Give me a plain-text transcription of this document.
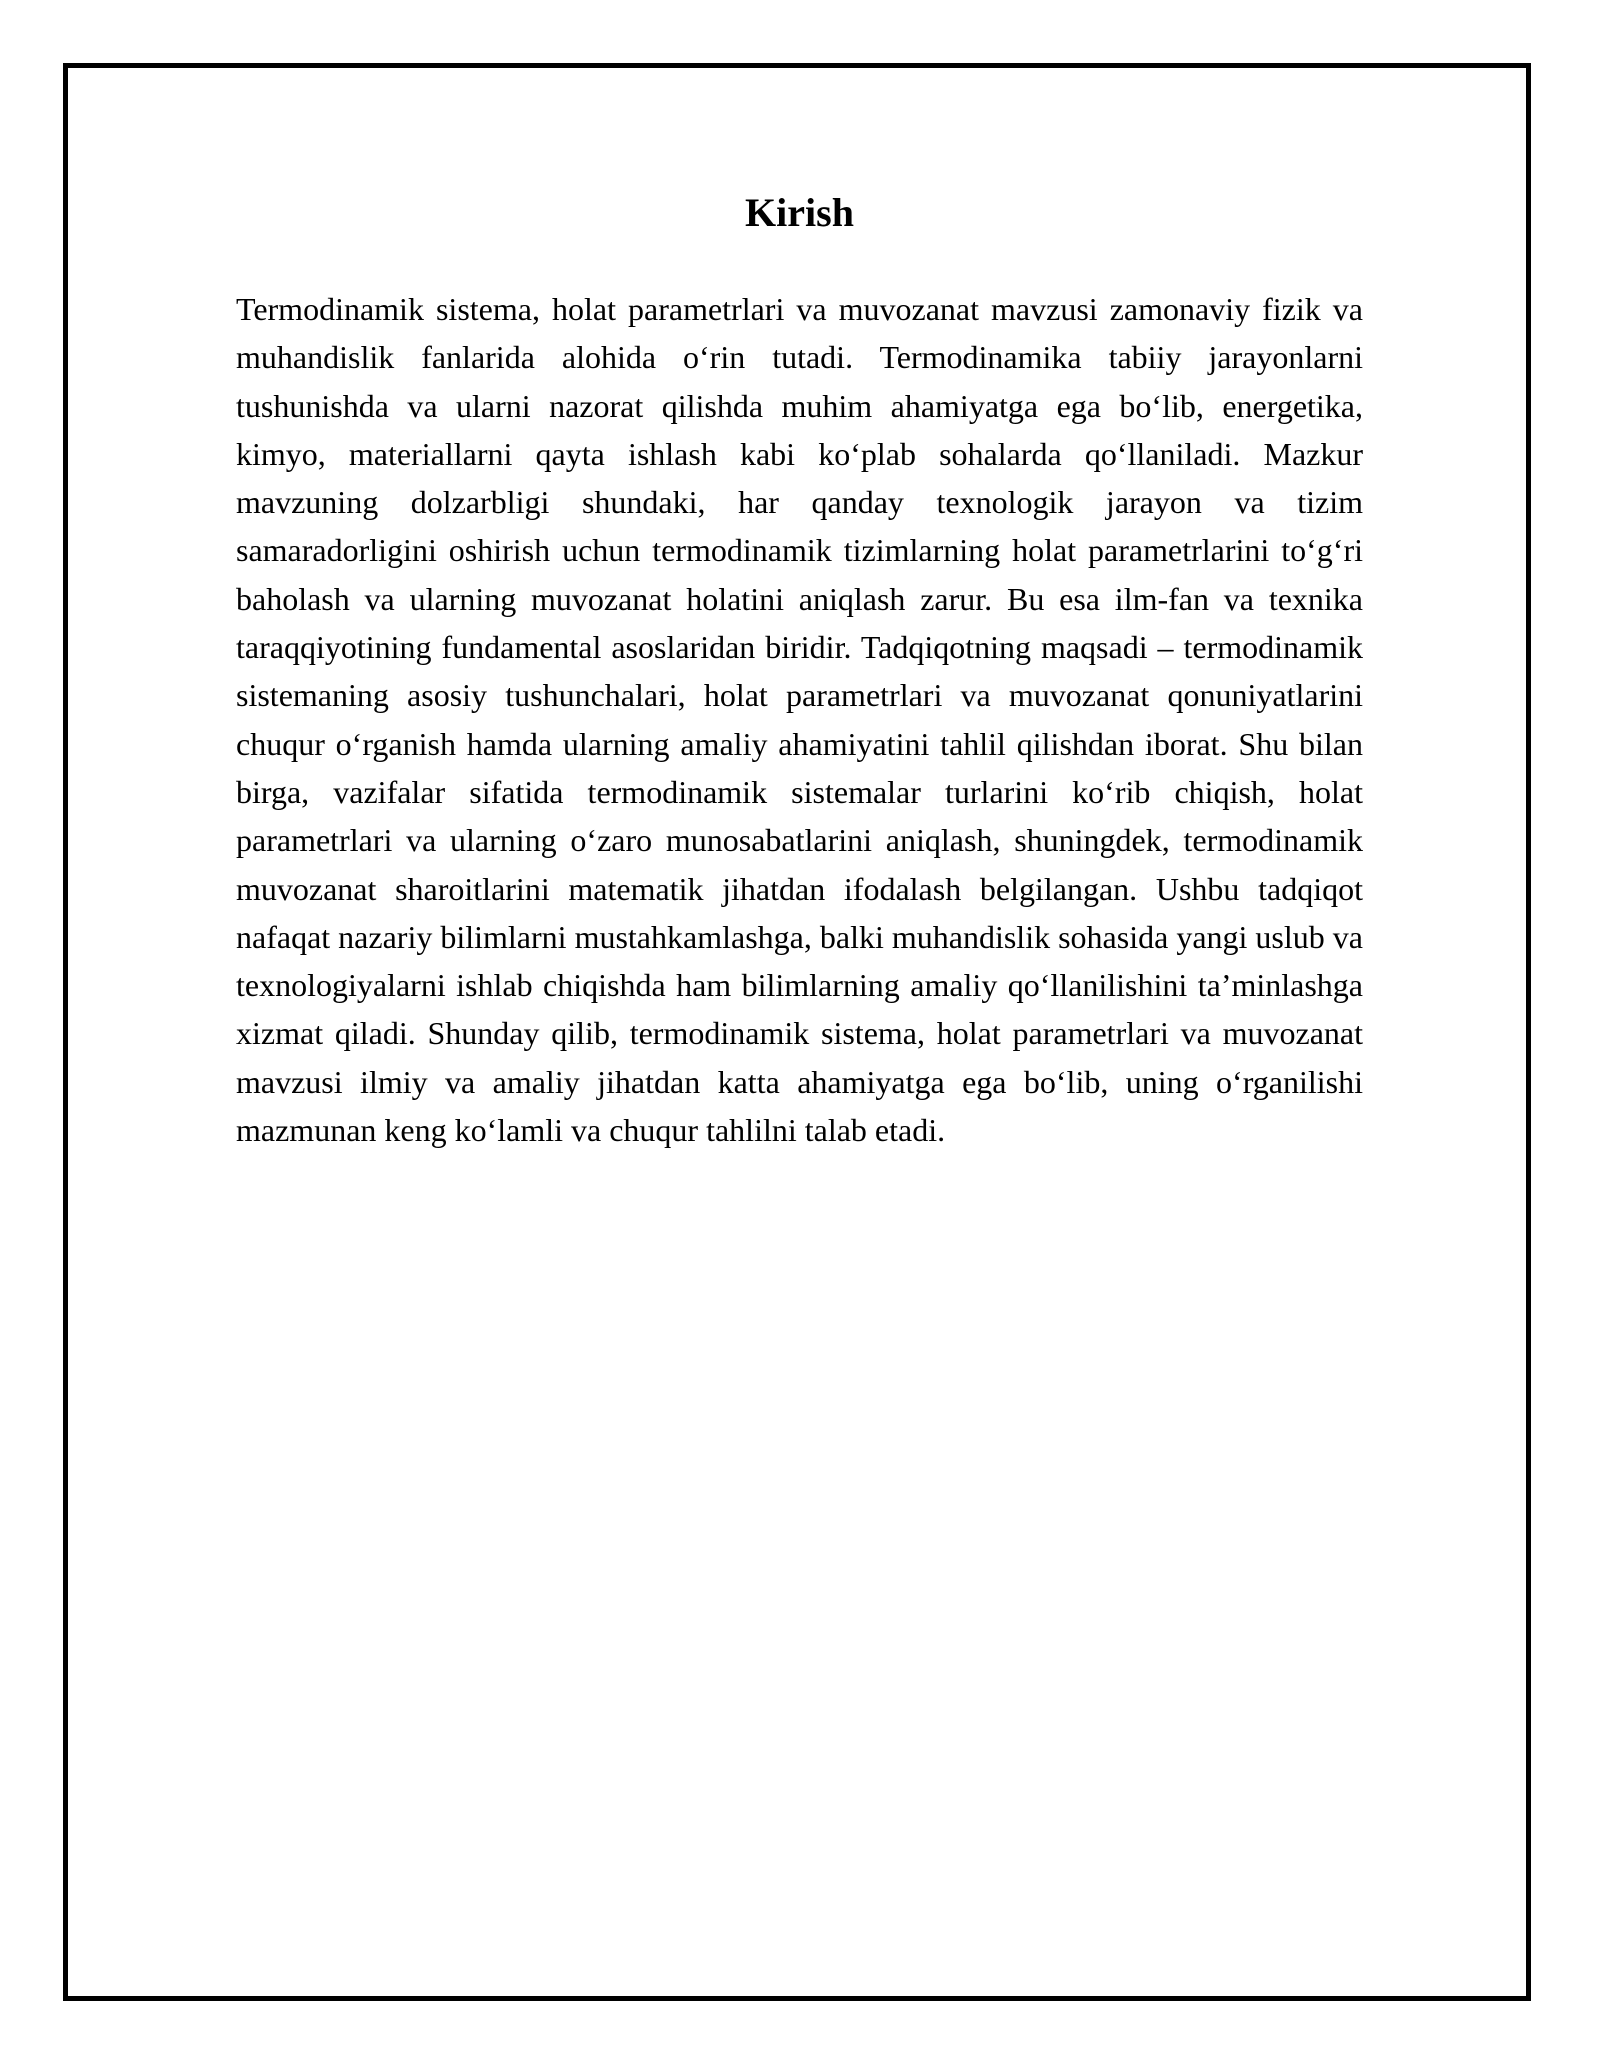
Kirish

Termodinamik sistema, holat parametrlari va muvozanat mavzusi zamonaviy fizik va muhandislik fanlarida alohida o‘rin tutadi. Termodinamika tabiiy jarayonlarni tushunishda va ularni nazorat qilishda muhim ahamiyatga ega bo‘lib, energetika, kimyo, materiallarni qayta ishlash kabi ko‘plab sohalarda qo‘llaniladi. Mazkur mavzuning dolzarbligi shundaki, har qanday texnologik jarayon va tizim samaradorligini oshirish uchun termodinamik tizimlarning holat parametrlarini to‘g‘ri baholash va ularning muvozanat holatini aniqlash zarur. Bu esa ilm-fan va texnika taraqqiyotining fundamental asoslaridan biridir. Tadqiqotning maqsadi – termodinamik sistemaning asosiy tushunchalari, holat parametrlari va muvozanat qonuniyatlarini chuqur o‘rganish hamda ularning amaliy ahamiyatini tahlil qilishdan iborat. Shu bilan birga, vazifalar sifatida termodinamik sistemalar turlarini ko‘rib chiqish, holat parametrlari va ularning o‘zaro munosabatlarini aniqlash, shuningdek, termodinamik muvozanat sharoitlarini matematik jihatdan ifodalash belgilangan. Ushbu tadqiqot nafaqat nazariy bilimlarni mustahkamlashga, balki muhandislik sohasida yangi uslub va texnologiyalarni ishlab chiqishda ham bilimlarning amaliy qo‘llanilishini ta’minlashga xizmat qiladi. Shunday qilib, termodinamik sistema, holat parametrlari va muvozanat mavzusi ilmiy va amaliy jihatdan katta ahamiyatga ega bo‘lib, uning o‘rganilishi mazmunan keng ko‘lamli va chuqur tahlilni talab etadi.
